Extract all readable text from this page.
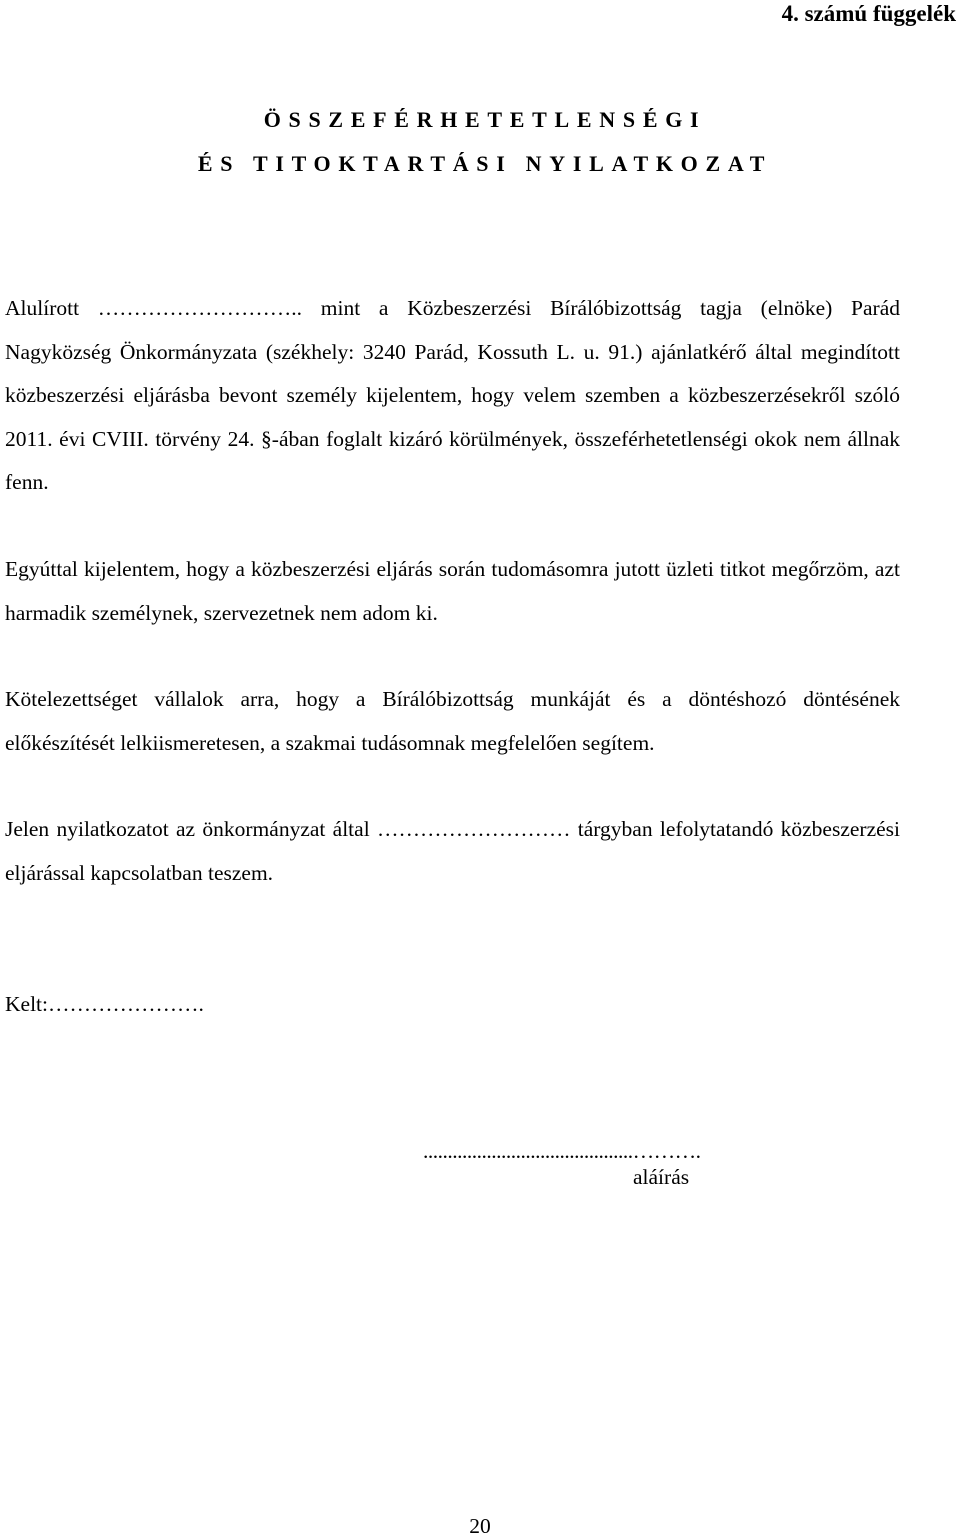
4. számú függelék
ÖSSZEFÉRHETETLENSÉGI
ÉS TITOKTARTÁSI NYILATKOZAT
Alulírott ……………………….. mint a Közbeszerzési Bírálóbizottság tagja (elnöke) Parád Nagyközség Önkormányzata (székhely: 3240 Parád, Kossuth L. u. 91.) ajánlatkérő által megindított közbeszerzési eljárásba bevont személy kijelentem, hogy velem szemben a közbeszerzésekről szóló 2011. évi CVIII. törvény 24. §-ában foglalt kizáró körülmények, összeférhetetlenségi okok nem állnak fenn.
Egyúttal kijelentem, hogy a közbeszerzési eljárás során tudomásomra jutott üzleti titkot megőrzöm, azt harmadik személynek, szervezetnek nem adom ki.
Kötelezettséget vállalok arra, hogy a Bírálóbizottság munkáját és a döntéshozó döntésének előkészítését lelkiismeretesen, a szakmai tudásomnak megfelelően segítem.
Jelen nyilatkozatot az önkormányzat által ……………………… tárgyban lefolytatandó közbeszerzési eljárással kapcsolatban teszem.
Kelt:………………….
...........................................……….
aláírás
20
